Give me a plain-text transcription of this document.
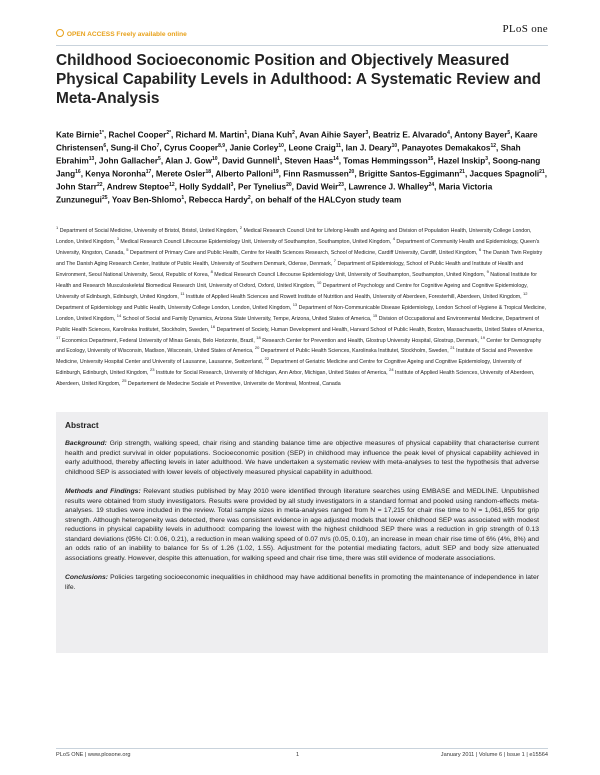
OPEN ACCESS Freely available online	PLoS one
Childhood Socioeconomic Position and Objectively Measured Physical Capability Levels in Adulthood: A Systematic Review and Meta-Analysis
Kate Birnie$^{1*}$, Rachel Cooper$^{2*}$, Richard M. Martin$^1$, Diana Kuh$^2$, Avan Aihie Sayer$^3$, Beatriz E. Alvarado$^4$, Antony Bayer$^5$, Kaare Christensen$^6$, Sung-il Cho$^7$, Cyrus Cooper$^{8,9}$, Janie Corley$^{10}$, Leone Craig$^{11}$, Ian J. Deary$^{10}$, Panayotes Demakakos$^{12}$, Shah Ebrahim$^{13}$, John Gallacher$^5$, Alan J. Gow$^{10}$, David Gunnell$^1$, Steven Haas$^{14}$, Tomas Hemmingsson$^{15}$, Hazel Inskip$^3$, Soong-nang Jang$^{16}$, Kenya Noronha$^{17}$, Merete Osler$^{18}$, Alberto Palloni$^{19}$, Finn Rasmussen$^{20}$, Brigitte Santos-Eggimann$^{21}$, Jacques Spagnoli$^{21}$, John Starr$^{22}$, Andrew Steptoe$^{12}$, Holly Syddall$^3$, Per Tynelius$^{20}$, David Weir$^{23}$, Lawrence J. Whalley$^{24}$, Maria Victoria Zunzunegui$^{25}$, Yoav Ben-Shlomo$^1$, Rebecca Hardy$^2$, on behalf of the HALCyon study team
$^1$ Department of Social Medicine, University of Bristol, Bristol, United Kingdom, $^2$ Medical Research Council Unit for Lifelong Health and Ageing and Division of Population Health, University College London, London, United Kingdom, $^3$ Medical Research Council Lifecourse Epidemiology Unit, University of Southampton, Southampton, United Kingdom, $^4$ Department of Community Health and Epidemiology, Queen's University, Kingston, Canada, $^5$ Department of Primary Care and Public Health, Centre for Health Sciences Research, School of Medicine, Cardiff University, Cardiff, United Kingdom, $^6$ The Danish Twin Registry and The Danish Aging Research Center, Institute of Public Health, University of Southern Denmark, Odense, Denmark, $^7$ Department of Epidemiology, School of Public Health and Institute of Health and Environment, Seoul National University, Seoul, Republic of Korea, $^8$ Medical Research Council Lifecourse Epidemiology Unit, University of Southampton, Southampton, United Kingdom, $^9$ National Institute for Health and Research Musculoskeletal Biomedical Research Unit, University of Oxford, Oxford, United Kingdom, $^{10}$ Department of Psychology and Centre for Cognitive Ageing and Cognitive Epidemiology, University of Edinburgh, Edinburgh, United Kingdom, $^{11}$ Institute of Applied Health Sciences and Rowett Institute of Nutrition and Health, University of Aberdeen, Foresterhill, Aberdeen, United Kingdom, $^{12}$ Department of Epidemiology and Public Health, University College London, London, United Kingdom, $^{13}$ Department of Non-Communicable Disease Epidemiology, London School of Hygiene & Tropical Medicine, London, United Kingdom, $^{14}$ School of Social and Family Dynamics, Arizona State University, Tempe, Arizona, United States of America, $^{15}$ Division of Occupational and Environmental Medicine, Department of Public Health Sciences, Karolinska Institutet, Stockholm, Sweden, $^{16}$ Department of Society, Human Development and Health, Harvard School of Public Health, Boston, Massachusetts, United States of America, $^{17}$ Economics Department, Federal University of Minas Gerais, Belo Horizonte, Brazil, $^{18}$ Research Center for Prevention and Health, Glostrup University Hospital, Glostrup, Denmark, $^{19}$ Center for Demography and Ecology, University of Wisconsin, Madison, Wisconsin, United States of America, $^{20}$ Department of Public Health Sciences, Karolinska Institutet, Stockholm, Sweden, $^{21}$ Institute of Social and Preventive Medicine, University Hospital Center and University of Lausanne, Lausanne, Switzerland, $^{22}$ Department of Geriatric Medicine and Centre for Cognitive Ageing and Cognitive Epidemiology, University of Edinburgh, Edinburgh, United Kingdom, $^{23}$ Institute for Social Research, University of Michigan, Ann Arbor, Michigan, United States of America, $^{24}$ Institute of Applied Health Sciences, University of Aberdeen, Aberdeen, United Kingdom, $^{25}$ Departement de Medecine Sociale et Preventive, Universite de Montreal, Montreal, Canada
Abstract

Background: Grip strength, walking speed, chair rising and standing balance time are objective measures of physical capability that characterise current health and predict survival in older populations. Socioeconomic position (SEP) in childhood may influence the peak level of physical capability achieved in early adulthood, thereby affecting levels in later adulthood. We have undertaken a systematic review with meta-analyses to test the hypothesis that adverse childhood SEP is associated with lower levels of objectively measured physical capability in adulthood.

Methods and Findings: Relevant studies published by May 2010 were identified through literature searches using EMBASE and MEDLINE. Unpublished results were obtained from study investigators. Results were provided by all study investigators in a standard format and pooled using random-effects meta-analyses. 19 studies were included in the review. Total sample sizes in meta-analyses ranged from N = 17,215 for chair rise time to N = 1,061,855 for grip strength. Although heterogeneity was detected, there was consistent evidence in age adjusted models that lower childhood SEP was associated with modest reductions in physical capability levels in adulthood: comparing the lowest with the highest childhood SEP there was a reduction in grip strength of 0.13 standard deviations (95% CI: 0.06, 0.21), a reduction in mean walking speed of 0.07 m/s (0.05, 0.10), an increase in mean chair rise time of 6% (4%, 8%) and an odds ratio of an inability to balance for 5s of 1.26 (1.02, 1.55). Adjustment for the potential mediating factors, adult SEP and body size attenuated associations greatly. However, despite this attenuation, for walking speed and chair rise time, there was still evidence of moderate associations.

Conclusions: Policies targeting socioeconomic inequalities in childhood may have additional benefits in promoting the maintenance of independence in later life.

PLoS ONE | www.plosone.org	1	January 2011 | Volume 6 | Issue 1 | e15564
